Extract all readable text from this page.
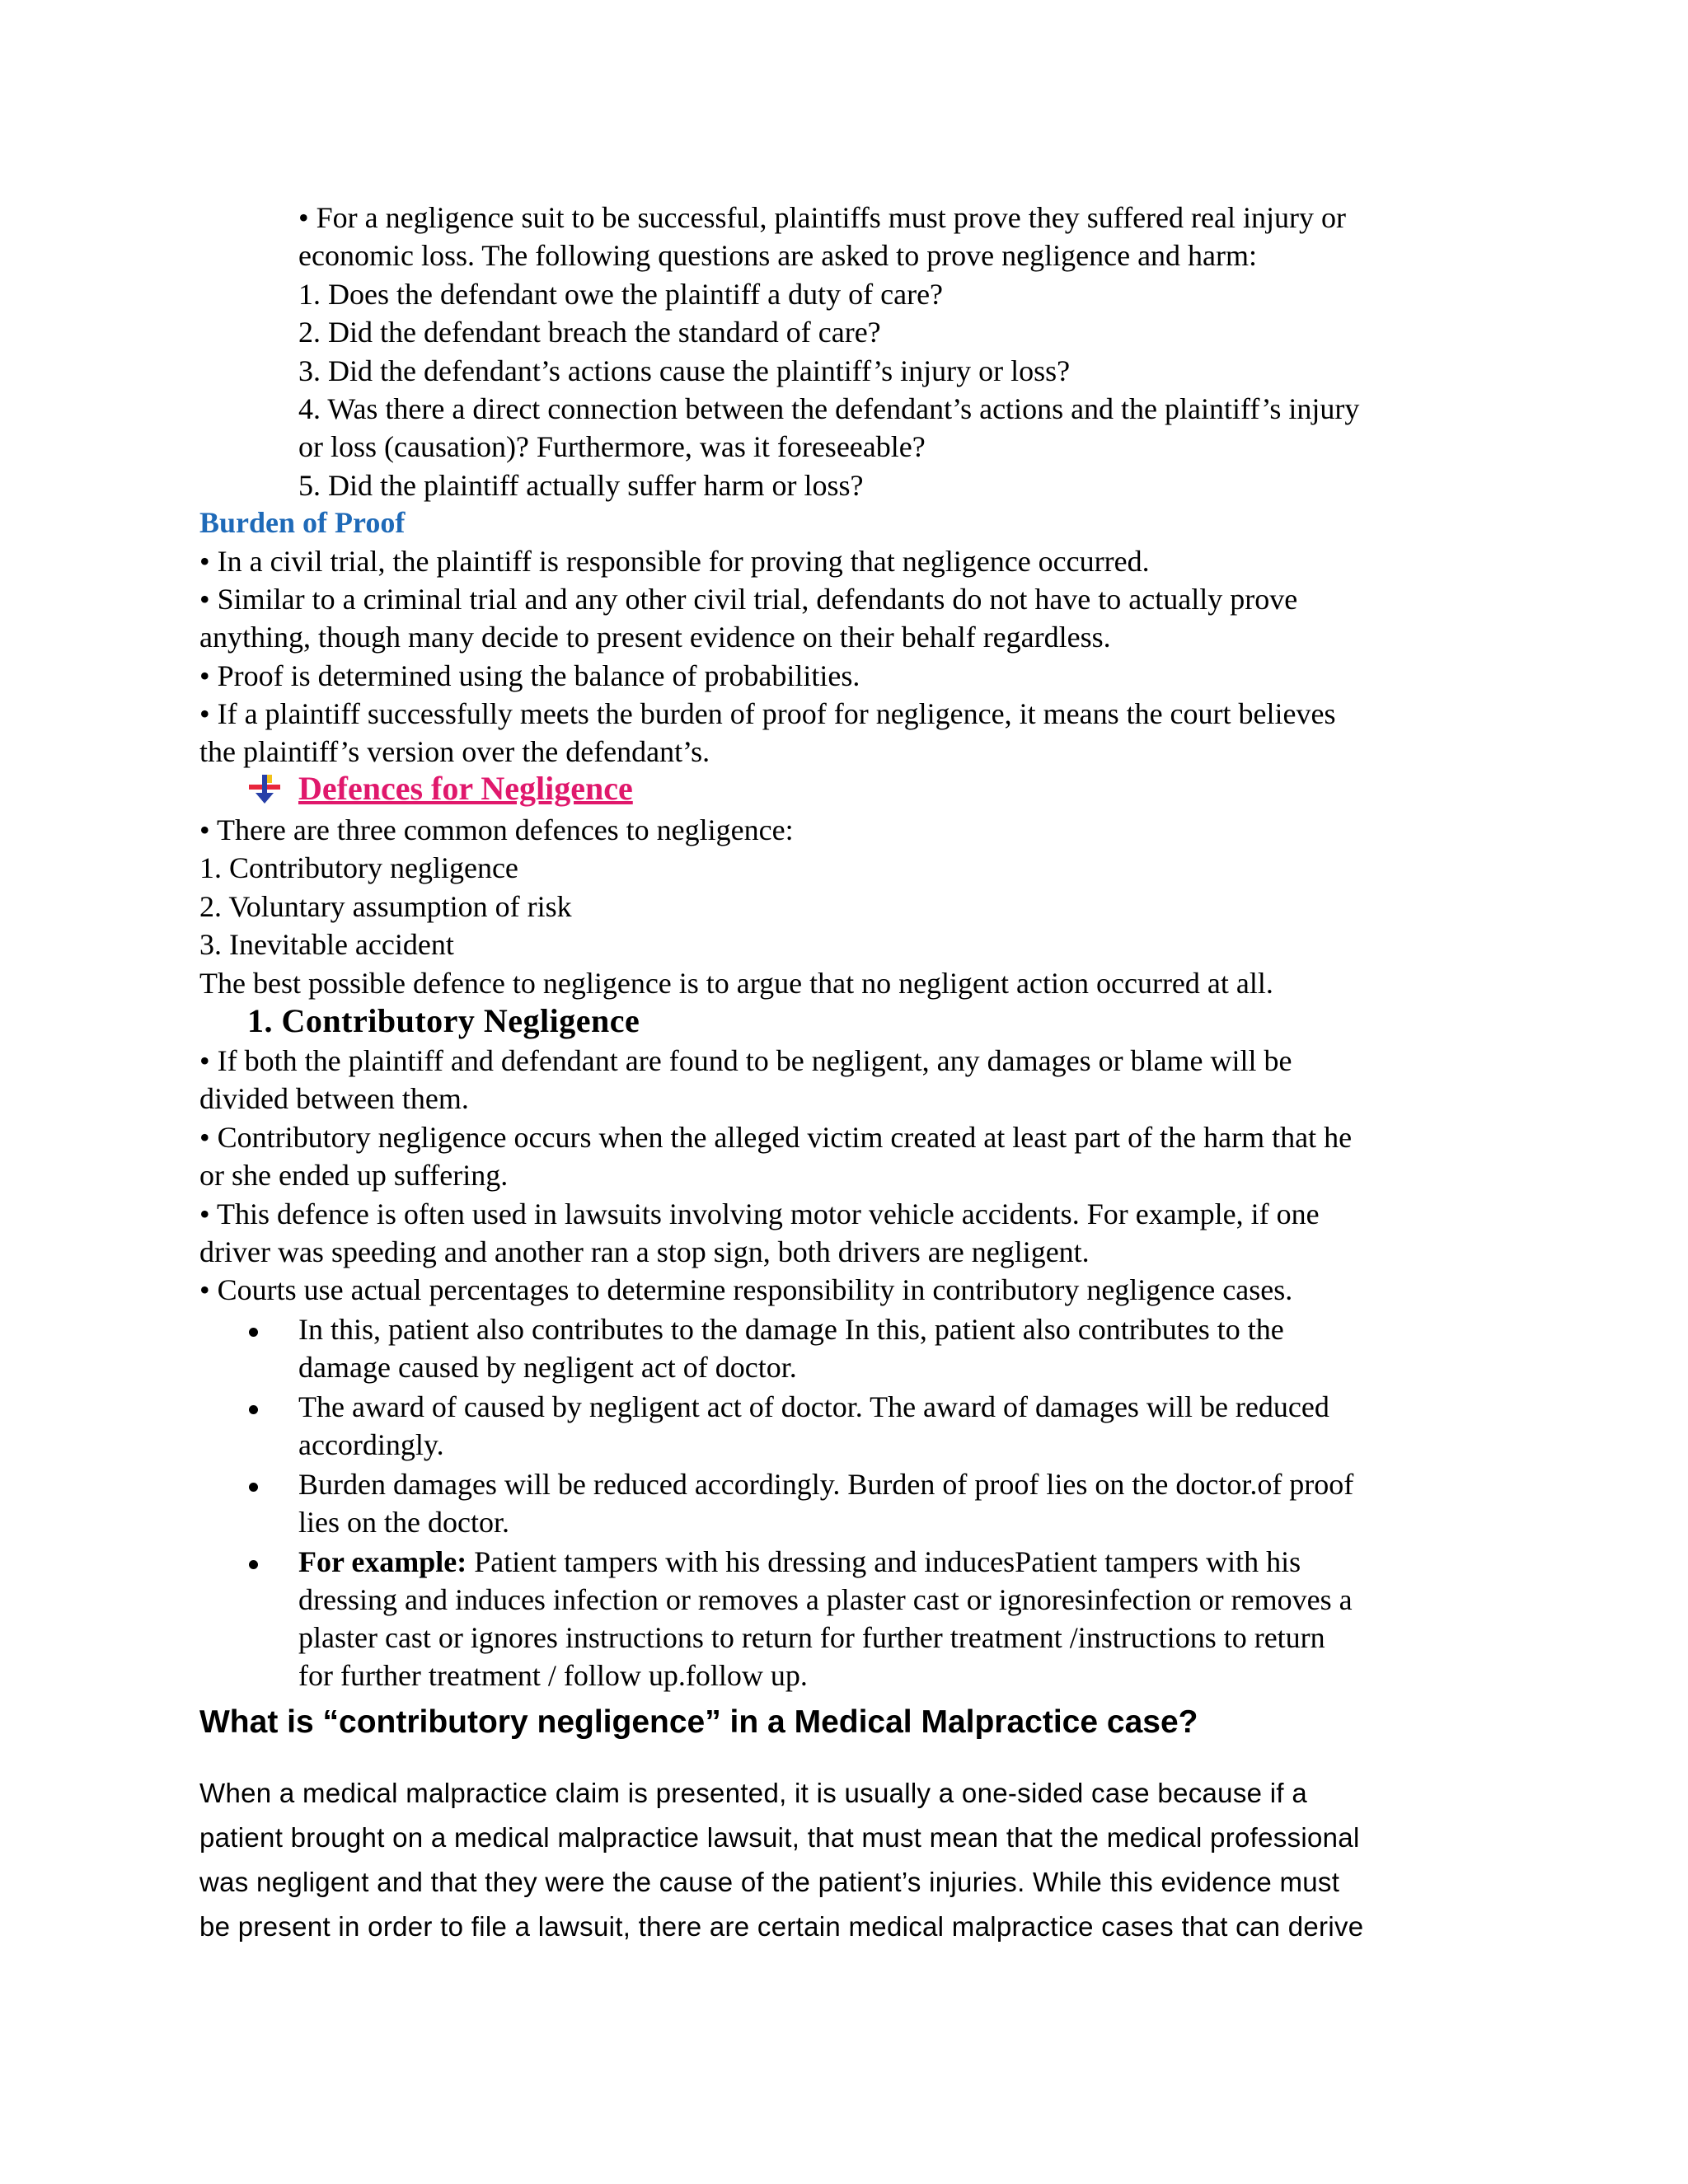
• For a negligence suit to be successful, plaintiffs must prove they suffered real injury or
economic loss. The following questions are asked to prove negligence and harm:
1. Does the defendant owe the plaintiff a duty of care?
2. Did the defendant breach the standard of care?
3. Did the defendant’s actions cause the plaintiff’s injury or loss?
4. Was there a direct connection between the defendant’s actions and the plaintiff’s injury
or loss (causation)? Furthermore, was it foreseeable?
5. Did the plaintiff actually suffer harm or loss?
Burden of Proof
• In a civil trial, the plaintiff is responsible for proving that negligence occurred.
• Similar to a criminal trial and any other civil trial, defendants do not have to actually prove
anything, though many decide to present evidence on their behalf regardless.
• Proof is determined using the balance of probabilities.
• If a plaintiff successfully meets the burden of proof for negligence, it means the court believes
the plaintiff’s version over the defendant’s.
Defences for Negligence
• There are three common defences to negligence:
1. Contributory negligence
2. Voluntary assumption of risk
3. Inevitable accident
The best possible defence to negligence is to argue that no negligent action occurred at all.
1. Contributory Negligence
• If both the plaintiff and defendant are found to be negligent, any damages or blame will be
divided between them.
• Contributory negligence occurs when the alleged victim created at least part of the harm that he
or she ended up suffering.
• This defence is often used in lawsuits involving motor vehicle accidents. For example, if one
driver was speeding and another ran a stop sign, both drivers are negligent.
• Courts use actual percentages to determine responsibility in contributory negligence cases.
In this, patient also contributes to the damage In this, patient also contributes to the
damage caused by negligent act of doctor.
The award of caused by negligent act of doctor. The award of damages will be reduced
accordingly.
Burden damages will be reduced accordingly. Burden of proof lies on the doctor.of proof
lies on the doctor.
For example: Patient tampers with his dressing and inducesPatient tampers with his
dressing and induces infection or removes a plaster cast or ignoresinfection or removes a
plaster cast or ignores instructions to return for further treatment /instructions to return
for further treatment / follow up.follow up.
What is “contributory negligence” in a Medical Malpractice case?
When a medical malpractice claim is presented, it is usually a one-sided case because if a
patient brought on a medical malpractice lawsuit, that must mean that the medical professional
was negligent and that they were the cause of the patient’s injuries. While this evidence must
be present in order to file a lawsuit, there are certain medical malpractice cases that can derive
